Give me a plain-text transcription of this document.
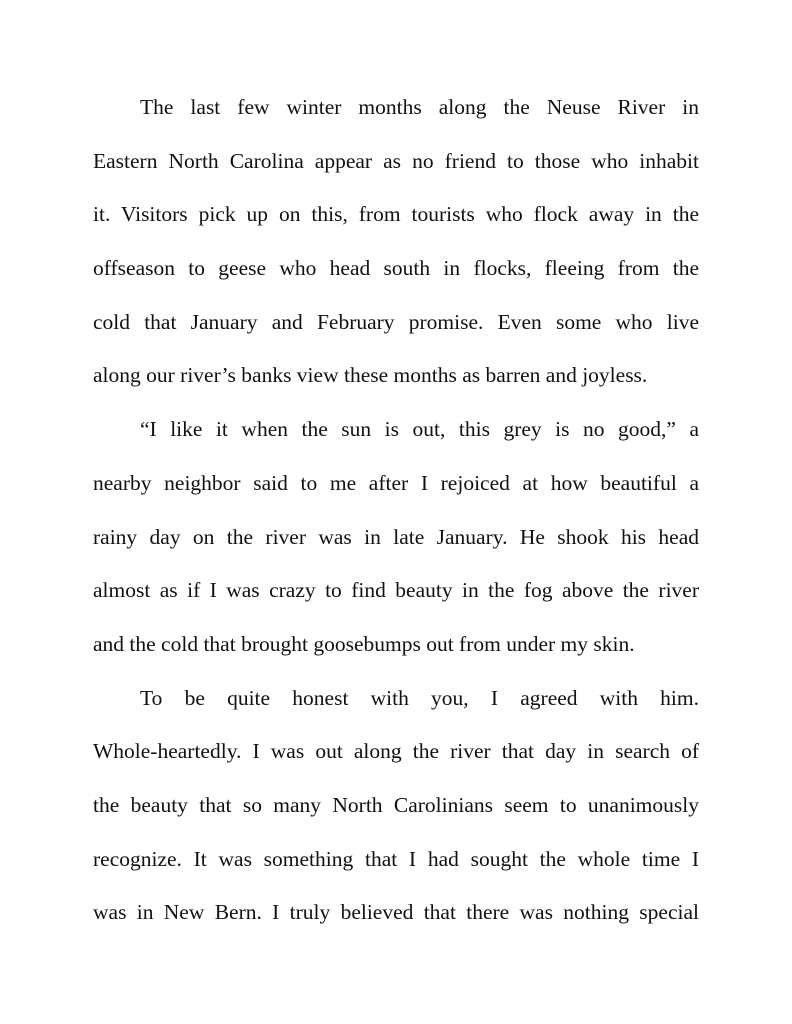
The last few winter months along the Neuse River in
Eastern North Carolina appear as no friend to those who inhabit
it. Visitors pick up on this, from tourists who flock away in the
offseason to geese who head south in flocks, fleeing from the
cold that January and February promise. Even some who live
along our river’s banks view these months as barren and joyless.
“I like it when the sun is out, this grey is no good,” a
nearby neighbor said to me after I rejoiced at how beautiful a
rainy day on the river was in late January. He shook his head
almost as if I was crazy to find beauty in the fog above the river
and the cold that brought goosebumps out from under my skin.
To be quite honest with you, I agreed with him.
Whole-heartedly. I was out along the river that day in search of
the beauty that so many North Carolinians seem to unanimously
recognize. It was something that I had sought the whole time I
was in New Bern. I truly believed that there was nothing special
